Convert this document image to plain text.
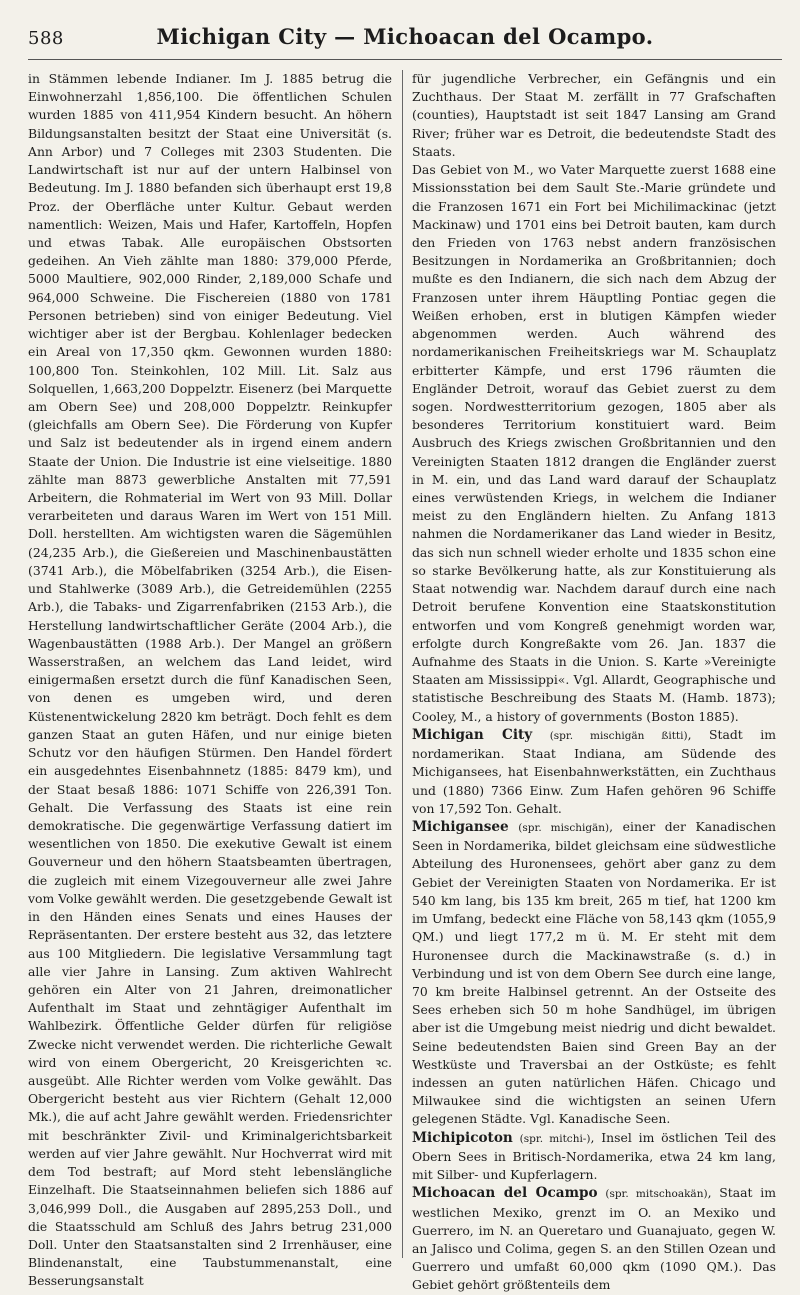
588	Michigan City — Michoacan del Ocampo.

in Stämmen lebende Indianer. Im J. 1885 betrug die Einwohnerzahl 1,856,100. Die öffentlichen Schulen wurden 1885 von 411,954 Kindern besucht. An höhern Bildungsanstalten besitzt der Staat eine Universität (s. Ann Arbor) und 7 Colleges mit 2303 Studenten. Die Landwirtschaft ist nur auf der untern Halbinsel von Bedeutung. Im J. 1880 befanden sich überhaupt erst 19,8 Proz. der Oberfläche unter Kultur. Gebaut werden namentlich: Weizen, Mais und Hafer, Kartoffeln, Hopfen und etwas Tabak. Alle europäischen Obstsorten gedeihen. An Vieh zählte man 1880: 379,000 Pferde, 5000 Maultiere, 902,000 Rinder, 2,189,000 Schafe und 964,000 Schweine. Die Fischereien (1880 von 1781 Personen betrieben) sind von einiger Bedeutung. Viel wichtiger aber ist der Bergbau. Kohlenlager bedecken ein Areal von 17,350 qkm. Gewonnen wurden 1880: 100,800 Ton. Steinkohlen, 102 Mill. Lit. Salz aus Solquellen, 1,663,200 Doppelztr. Eisenerz (bei Marquette am Obern See) und 208,000 Doppelztr. Reinkupfer (gleichfalls am Obern See). Die Förderung von Kupfer und Salz ist bedeutender als in irgend einem andern Staate der Union. Die Industrie ist eine vielseitige. 1880 zählte man 8873 gewerbliche Anstalten mit 77,591 Arbeitern, die Rohmaterial im Wert von 93 Mill. Dollar verarbeiteten und daraus Waren im Wert von 151 Mill. Doll. herstellten. Am wichtigsten waren die Sägemühlen (24,235 Arb.), die Gießereien und Maschinenbaustätten (3741 Arb.), die Möbelfabriken (3254 Arb.), die Eisen- und Stahlwerke (3089 Arb.), die Getreidemühlen (2255 Arb.), die Tabaks- und Zigarrenfabriken (2153 Arb.), die Herstellung landwirtschaftlicher Geräte (2004 Arb.), die Wagenbaustätten (1988 Arb.). Der Mangel an größern Wasserstraßen, an welchem das Land leidet, wird einigermaßen ersetzt durch die fünf Kanadischen Seen, von denen es umgeben wird, und deren Küstenentwickelung 2820 km beträgt. Doch fehlt es dem ganzen Staat an guten Häfen, und nur einige bieten Schutz vor den häufigen Stürmen. Den Handel fördert ein ausgedehntes Eisenbahnnetz (1885: 8479 km), und der Staat besaß 1886: 1071 Schiffe von 226,391 Ton. Gehalt. Die Verfassung des Staats ist eine rein demokratische. Die gegenwärtige Verfassung datiert im wesentlichen von 1850. Die exekutive Gewalt ist einem Gouverneur und den höhern Staatsbeamten übertragen, die zugleich mit einem Vizegouverneur alle zwei Jahre vom Volke gewählt werden. Die gesetzgebende Gewalt ist in den Händen eines Senats und eines Hauses der Repräsentanten. Der erstere besteht aus 32, das letztere aus 100 Mitgliedern. Die legislative Versammlung tagt alle vier Jahre in Lansing. Zum aktiven Wahlrecht gehören ein Alter von 21 Jahren, dreimonatlicher Aufenthalt im Staat und zehntägiger Aufenthalt im Wahlbezirk. Öffentliche Gelder dürfen für religiöse Zwecke nicht verwendet werden. Die richterliche Gewalt wird von einem Obergericht, 20 Kreisgerichten ꝛc. ausgeübt. Alle Richter werden vom Volke gewählt. Das Obergericht besteht aus vier Richtern (Gehalt 12,000 Mk.), die auf acht Jahre gewählt werden. Friedensrichter mit beschränkter Zivil- und Kriminalgerichtsbarkeit werden auf vier Jahre gewählt. Nur Hochverrat wird mit dem Tod bestraft; auf Mord steht lebenslängliche Einzelhaft. Die Staatseinnahmen beliefen sich 1886 auf 3,046,999 Doll., die Ausgaben auf 2895,253 Doll., und die Staatsschuld am Schluß des Jahrs betrug 231,000 Doll. Unter den Staatsanstalten sind 2 Irrenhäuser, eine Blindenanstalt, eine Taubstummenanstalt, eine Besserungsanstalt

für jugendliche Verbrecher, ein Gefängnis und ein Zuchthaus. Der Staat M. zerfällt in 77 Grafschaften (counties), Hauptstadt ist seit 1847 Lansing am Grand River; früher war es Detroit, die bedeutendste Stadt des Staats.

Das Gebiet von M., wo Vater Marquette zuerst 1688 eine Missionsstation bei dem Sault Ste.-Marie gründete und die Franzosen 1671 ein Fort bei Michilimackinac (jetzt Mackinaw) und 1701 eins bei Detroit bauten, kam durch den Frieden von 1763 nebst andern französischen Besitzungen in Nordamerika an Großbritannien; doch mußte es den Indianern, die sich nach dem Abzug der Franzosen unter ihrem Häuptling Pontiac gegen die Weißen erhoben, erst in blutigen Kämpfen wieder abgenommen werden. Auch während des nordamerikanischen Freiheitskriegs war M. Schauplatz erbitterter Kämpfe, und erst 1796 räumten die Engländer Detroit, worauf das Gebiet zuerst zu dem sogen. Nordwestterritorium gezogen, 1805 aber als besonderes Territorium konstituiert ward. Beim Ausbruch des Kriegs zwischen Großbritannien und den Vereinigten Staaten 1812 drangen die Engländer zuerst in M. ein, und das Land ward darauf der Schauplatz eines verwüstenden Kriegs, in welchem die Indianer meist zu den Engländern hielten. Zu Anfang 1813 nahmen die Nordamerikaner das Land wieder in Besitz, das sich nun schnell wieder erholte und 1835 schon eine so starke Bevölkerung hatte, als zur Konstituierung als Staat notwendig war. Nachdem darauf durch eine nach Detroit berufene Konvention eine Staatskonstitution entworfen und vom Kongreß genehmigt worden war, erfolgte durch Kongreßakte vom 26. Jan. 1837 die Aufnahme des Staats in die Union. S. Karte »Vereinigte Staaten am Mississippi«. Vgl. Allardt, Geographische und statistische Beschreibung des Staats M. (Hamb. 1873); Cooley, M., a history of governments (Boston 1885).

Michigan City (spr. mischigän ßitti), Stadt im nordamerikan. Staat Indiana, am Südende des Michigansees, hat Eisenbahnwerkstätten, ein Zuchthaus und (1880) 7366 Einw. Zum Hafen gehören 96 Schiffe von 17,592 Ton. Gehalt.

Michigansee (spr. mischigän), einer der Kanadischen Seen in Nordamerika, bildet gleichsam eine südwestliche Abteilung des Huronensees, gehört aber ganz zu dem Gebiet der Vereinigten Staaten von Nordamerika. Er ist 540 km lang, bis 135 km breit, 265 m tief, hat 1200 km im Umfang, bedeckt eine Fläche von 58,143 qkm (1055,9 QM.) und liegt 177,2 m ü. M. Er steht mit dem Huronensee durch die Mackinawstraße (s. d.) in Verbindung und ist von dem Obern See durch eine lange, 70 km breite Halbinsel getrennt. An der Ostseite des Sees erheben sich 50 m hohe Sandhügel, im übrigen aber ist die Umgebung meist niedrig und dicht bewaldet. Seine bedeutendsten Baien sind Green Bay an der Westküste und Traversbai an der Ostküste; es fehlt indessen an guten natürlichen Häfen. Chicago und Milwaukee sind die wichtigsten an seinen Ufern gelegenen Städte. Vgl. Kanadische Seen.

Michipicoton (spr. mitchi-), Insel im östlichen Teil des Obern Sees in Britisch-Nordamerika, etwa 24 km lang, mit Silber- und Kupferlagern.

Michoacan del Ocampo (spr. mitschoakän), Staat im westlichen Mexiko, grenzt im O. an Mexiko und Guerrero, im N. an Queretaro und Guanajuato, gegen W. an Jalisco und Colima, gegen S. an den Stillen Ozean und Guerrero und umfaßt 60,000 qkm (1090 QM.). Das Gebiet gehört größtenteils dem
